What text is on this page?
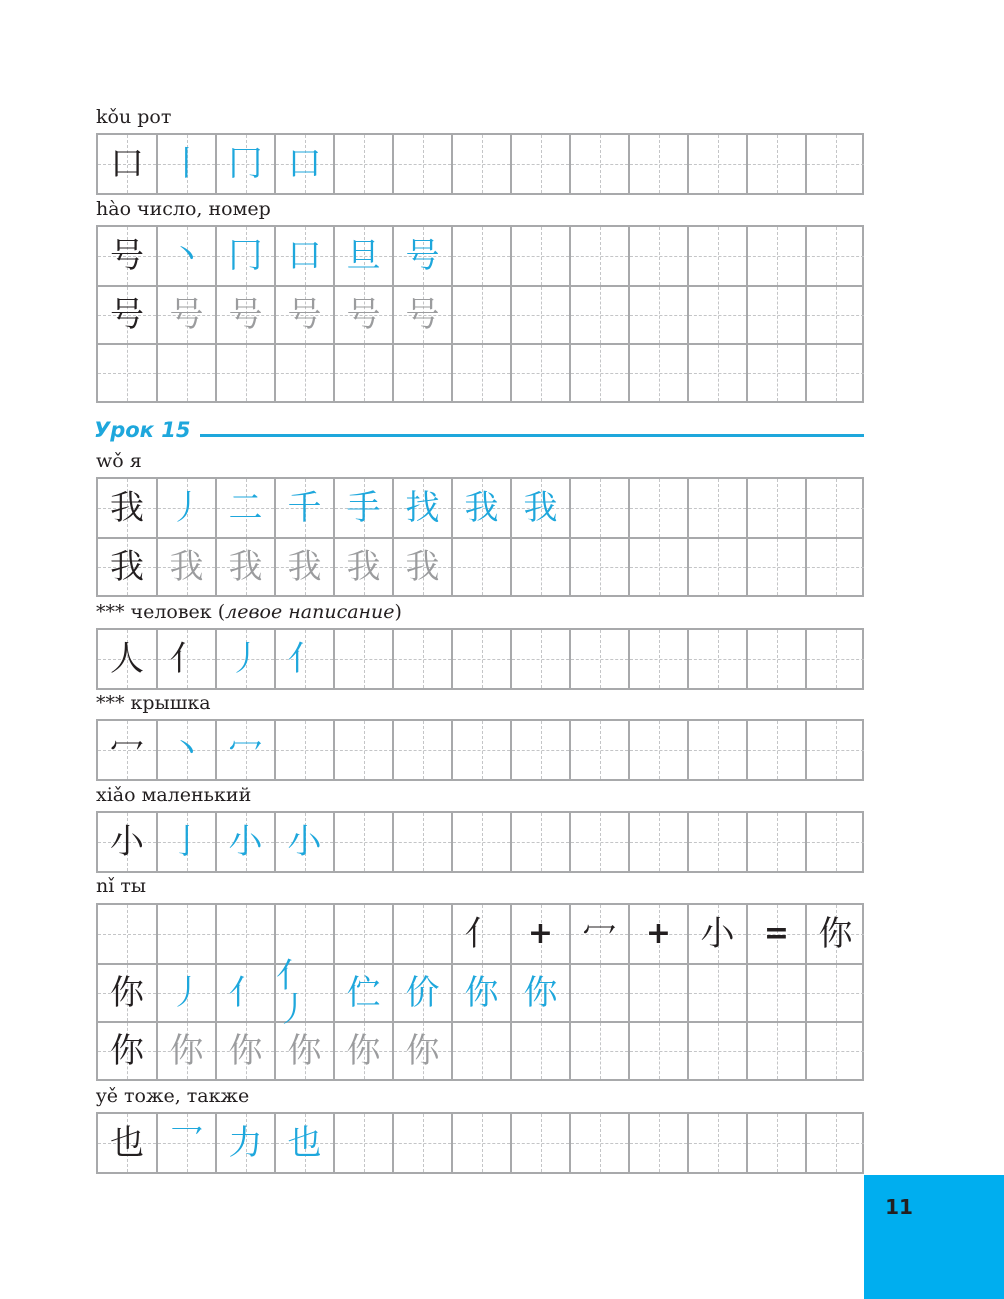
kǒu рот
口 丨 冂 口
hào число, номер
号 丶 冂 口 旦 号
号 号 号 号 号 号
Урок 15
wǒ я
我 丿 二 千 手 找 我 我
我 我 我 我 我 我
*** человек (левое написание)
人 亻 丿 亻
*** крышка
冖 丶 冖
xiǎo маленький
小 亅 小 小
nǐ ты
亻 + 冖 + 小 = 你
你 丿 亻 亻丿	伫 价 你 你
你 你 你 你 你 你
yě тоже, также
也 乛 力 也
11
